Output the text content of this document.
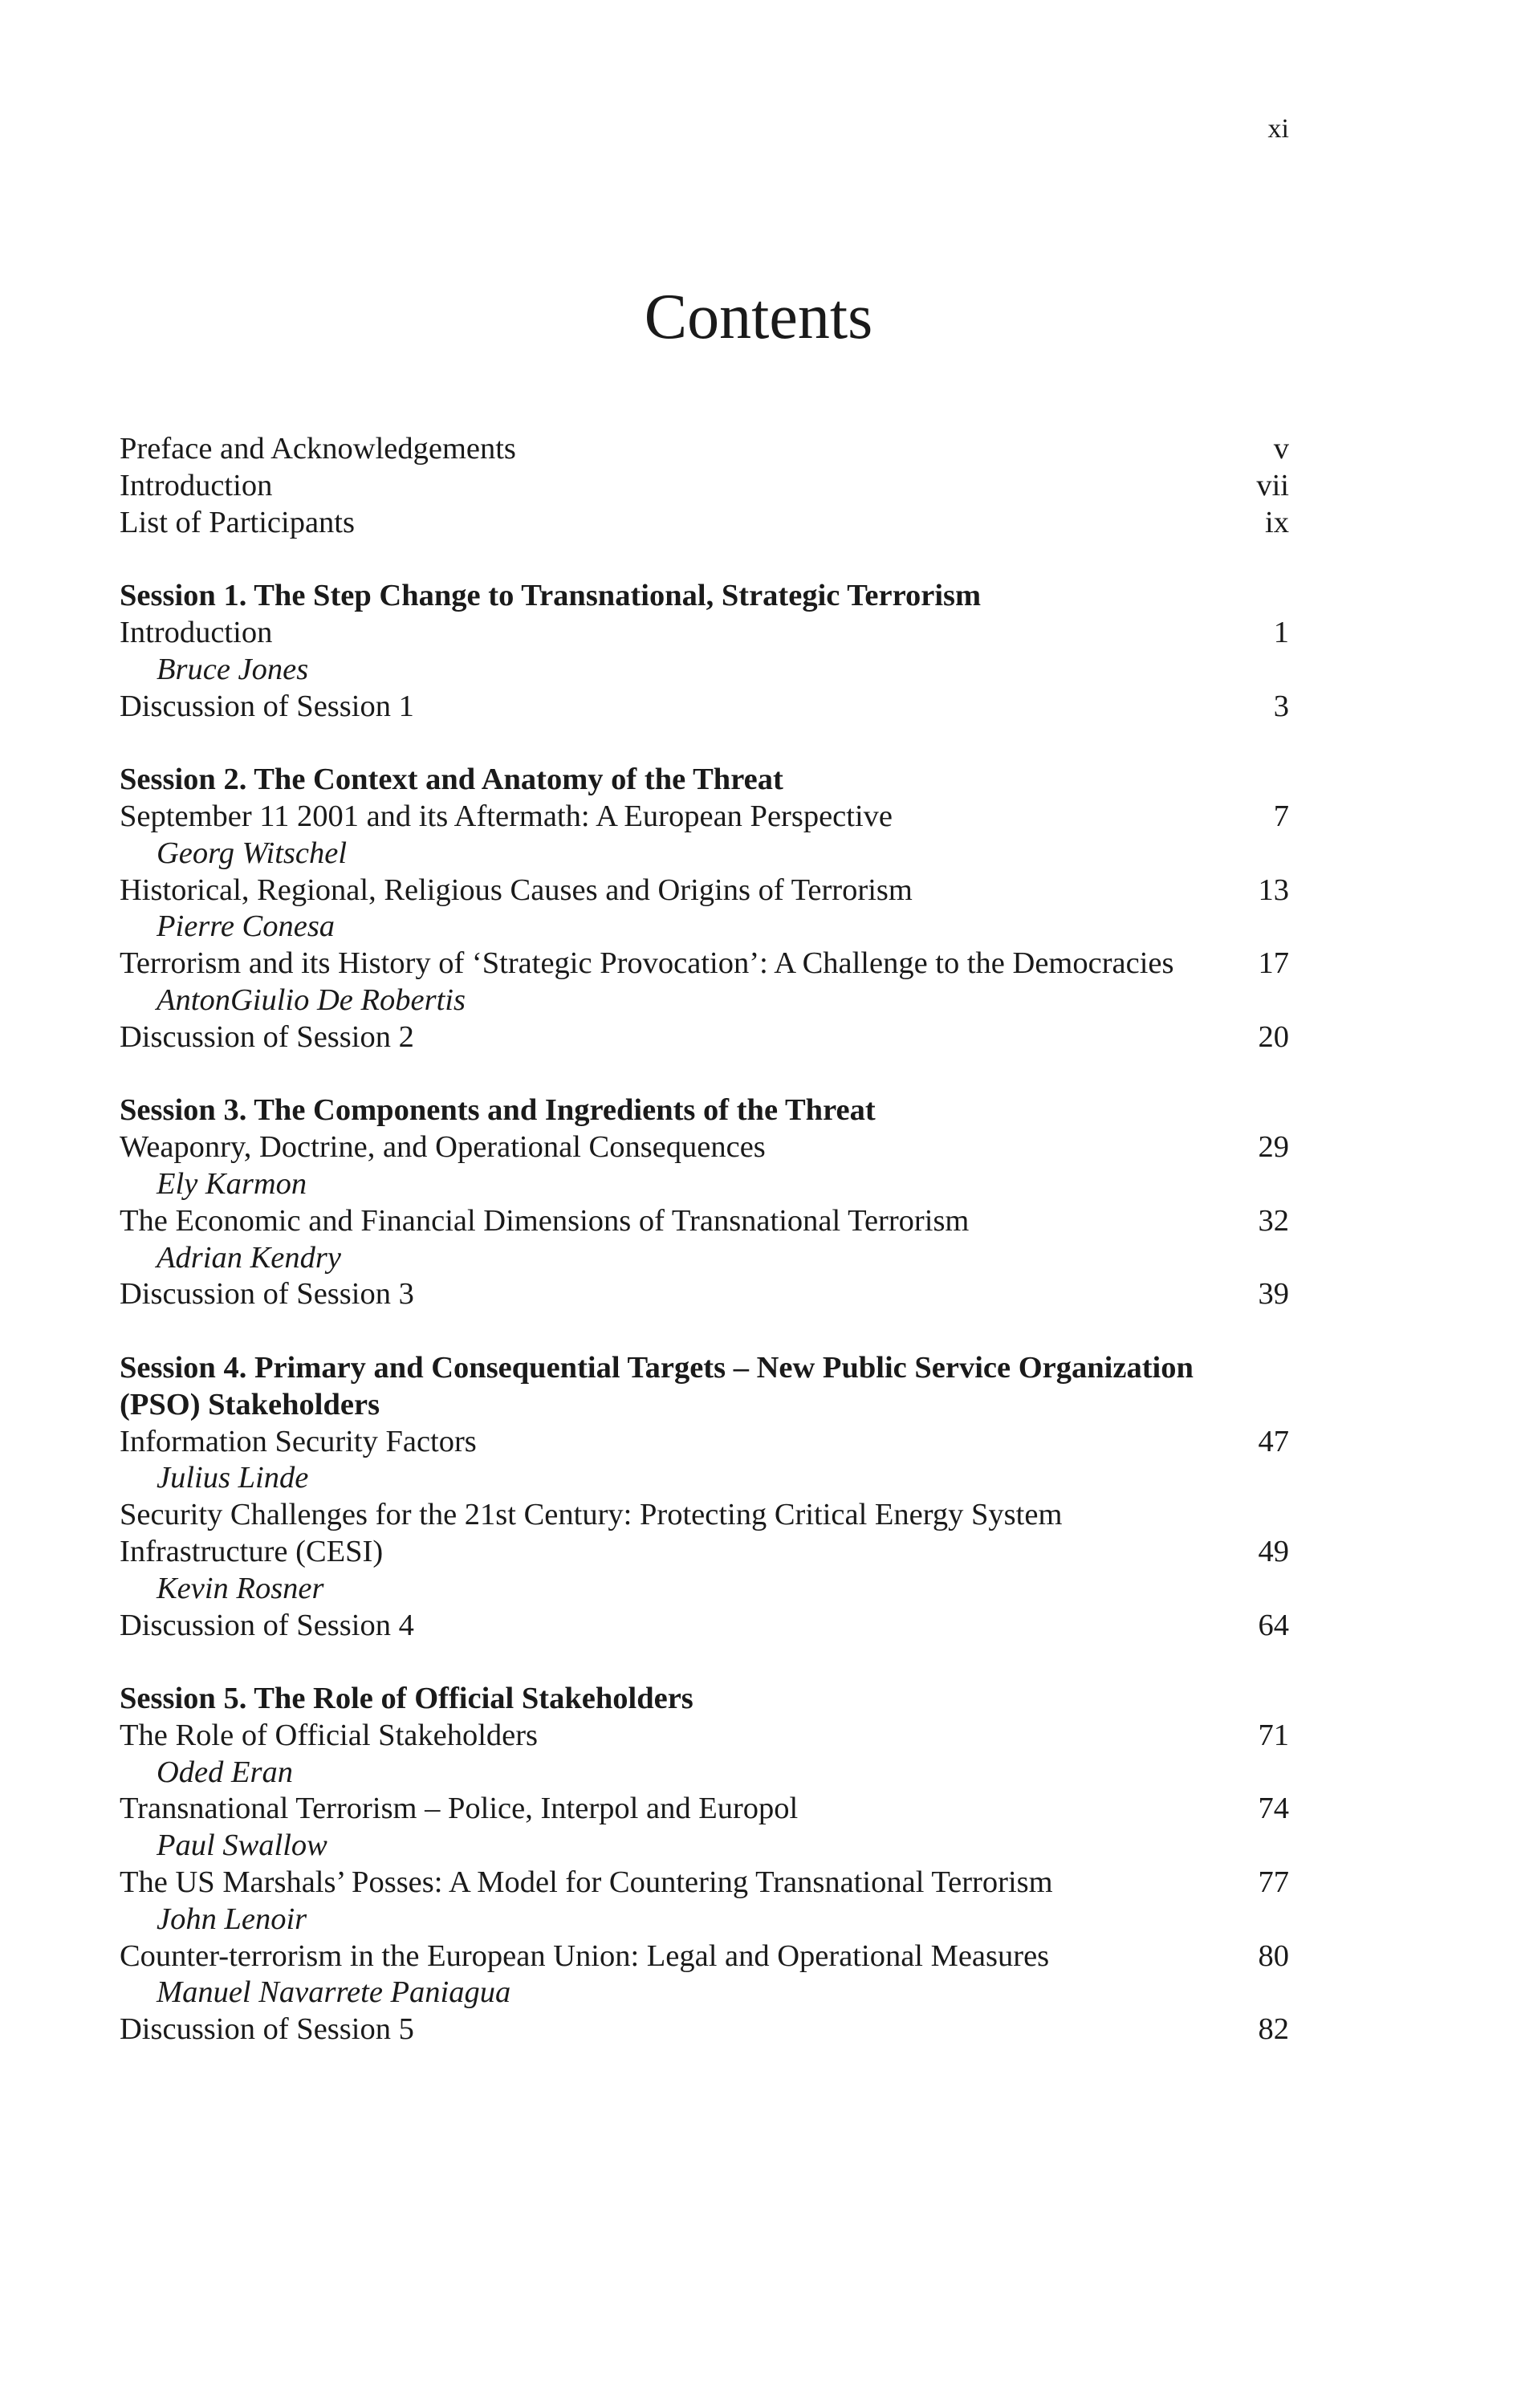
xi
Contents
Preface and Acknowledgements	v
Introduction	vii
List of Participants	ix
Session 1. The Step Change to Transnational, Strategic Terrorism
Introduction	1
Bruce Jones
Discussion of Session 1	3
Session 2. The Context and Anatomy of the Threat
September 11 2001 and its Aftermath: A European Perspective	7
Georg Witschel
Historical, Regional, Religious Causes and Origins of Terrorism	13
Pierre Conesa
Terrorism and its History of ‘Strategic Provocation’: A Challenge to the Democracies	17
AntonGiulio De Robertis
Discussion of Session 2	20
Session 3. The Components and Ingredients of the Threat
Weaponry, Doctrine, and Operational Consequences	29
Ely Karmon
The Economic and Financial Dimensions of Transnational Terrorism	32
Adrian Kendry
Discussion of Session 3	39
Session 4. Primary and Consequential Targets – New Public Service Organization (PSO) Stakeholders
Information Security Factors	47
Julius Linde
Security Challenges for the 21st Century: Protecting Critical Energy System Infrastructure (CESI)	49
Kevin Rosner
Discussion of Session 4	64
Session 5. The Role of Official Stakeholders
The Role of Official Stakeholders	71
Oded Eran
Transnational Terrorism – Police, Interpol and Europol	74
Paul Swallow
The US Marshals’ Posses: A Model for Countering Transnational Terrorism	77
John Lenoir
Counter-terrorism in the European Union: Legal and Operational Measures	80
Manuel Navarrete Paniagua
Discussion of Session 5	82
